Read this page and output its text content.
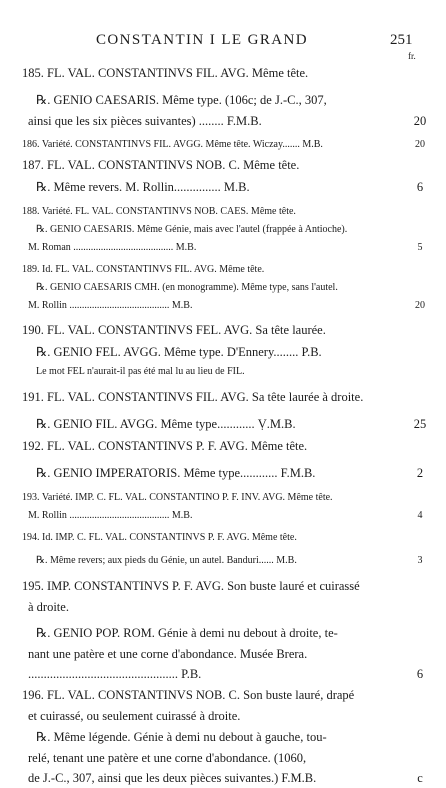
CONSTANTIN I LE GRAND	251
fr.
185. FL. VAL. CONSTANTINVS FIL. AVG. Même tête.
℞. GENIO CAESARIS. Même type. (106c; de J.-C., 307,
ainsi que les six pièces suivantes) ........ F.M.B.	20
186. Variété. CONSTANTINVS FIL. AVGG. Même tête. Wiczay....... M.B.	20
187. FL. VAL. CONSTANTINVS NOB. C. Même tête.
℞. Même revers. M. Rollin............... M.B.	6
188. Variété. FL. VAL. CONSTANTINVS NOB. CAES. Même tête.
℞. GENIO CAESARIS. Même Génie, mais avec l'autel (frappée à Antioche).
M. Roman ........................................ M.B.	5
189. Id. FL. VAL. CONSTANTINVS FIL. AVG. Même tête.
℞. GENIO CAESARIS CMH. (en monogramme). Même type, sans l'autel.
M. Rollin ........................................ M.B.	20
190. FL. VAL. CONSTANTINVS FEL. AVG. Sa tête laurée.
℞. GENIO FEL. AVGG. Même type. D'Ennery........ P.B.
Le mot FEL n'aurait-il pas été mal lu au lieu de FIL.
191. FL. VAL. CONSTANTINVS FIL. AVG. Sa tête laurée à droite.
℞. GENIO FIL. AVGG. Même type............ Ṿ.M.B.	25
192. FL. VAL. CONSTANTINVS P. F. AVG. Même tête.
℞. GENIO IMPERATORIS. Même type............ F.M.B.	2
193. Variété. IMP. C. FL. VAL. CONSTANTINO P. F. INV. AVG. Même tête.
M. Rollin ........................................ M.B.	4
194. Id. IMP. C. FL. VAL. CONSTANTINVS P. F. AVG. Même tête.
℞. Même revers; aux pieds du Génie, un autel. Banduri...... M.B.	3
195. IMP. CONSTANTINVS P. F. AVG. Son buste lauré et cuirassé
à droite.
℞. GENIO POP. ROM. Génie à demi nu debout à droite, te-
nant une patère et une corne d'abondance. Musée Brera.
................................................ P.B.	6
196. FL. VAL. CONSTANTINVS NOB. C. Son buste lauré, drapé
et cuirassé, ou seulement cuirassé à droite.
℞. Même légende. Génie à demi nu debout à gauche, tou-
relé, tenant une patère et une corne d'abondance. (1060,
de J.-C., 307, ainsi que les deux pièces suivantes.) F.M.B.	c
